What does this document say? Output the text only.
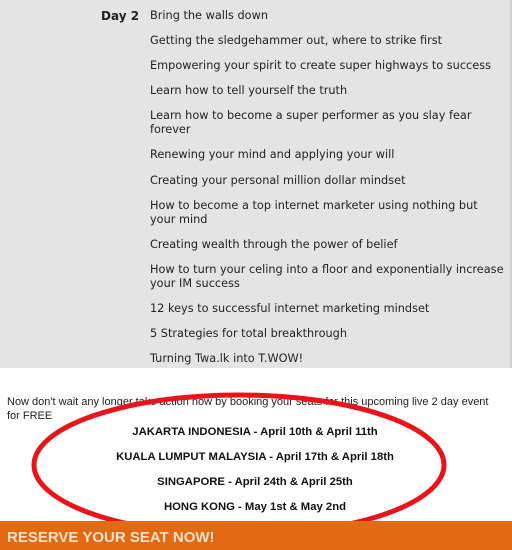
Day 2 Bring the walls down
Getting the sledgehammer out, where to strike first
Empowering your spirit to create super highways to success
Learn how to tell yourself the truth
Learn how to become a super performer as you slay fear forever
Renewing your mind and applying your will
Creating your personal million dollar mindset
How to become a top internet marketer using nothing but your mind
Creating wealth through the power of belief
How to turn your celing into a floor and exponentially increase your IM success
12 keys to successful internet marketing mindset
5 Strategies for total breakthrough
Turning Twa.lk into T.WOW!

Now don't wait any longer take action now by booking your seats for this upcoming live 2 day event for FREE

JAKARTA INDONESIA - April 10th & April 11th
KUALA LUMPUT MALAYSIA - April 17th & April 18th
SINGAPORE - April 24th & April 25th
HONG KONG - May 1st & May 2nd
RESERVE YOUR SEAT NOW!
